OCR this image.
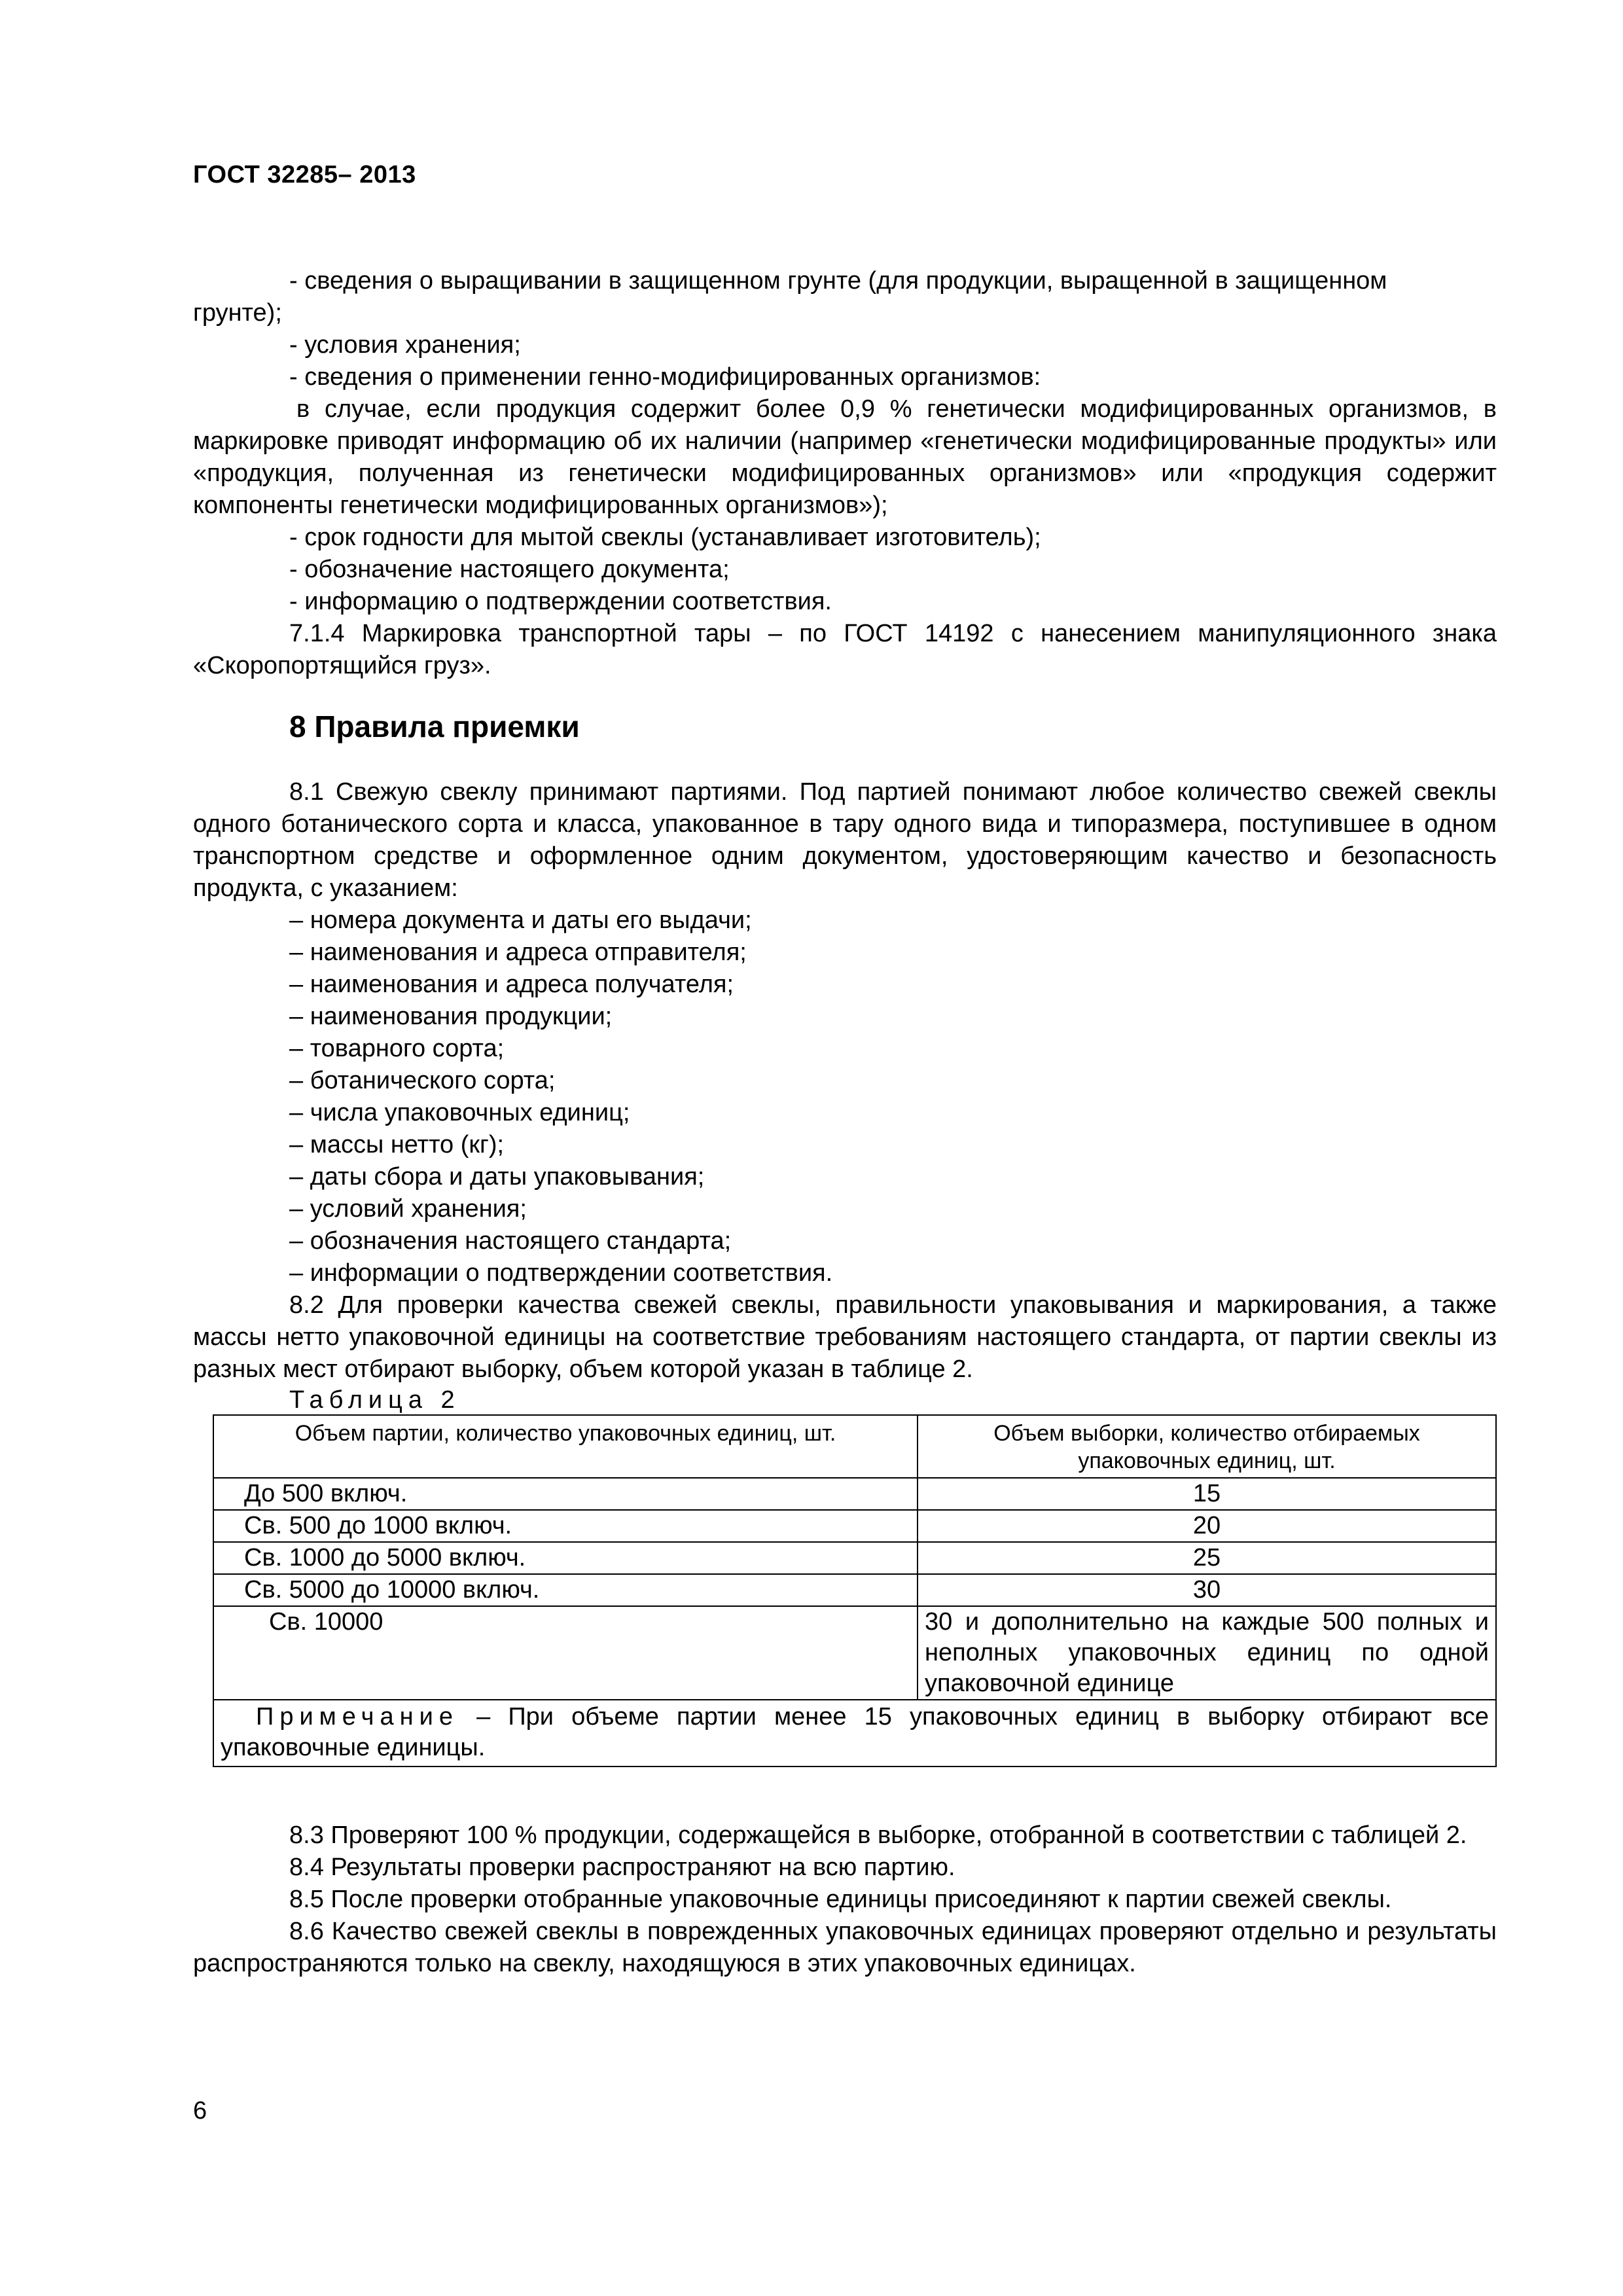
ГОСТ 32285– 2013

- сведения о выращивании в защищенном грунте (для продукции, выращенной в защищенном

грунте);

- условия хранения;

- сведения о применении генно-модифицированных организмов:

в случае, если продукция содержит более 0,9 % генетически модифицированных организмов, в маркировке приводят информацию об их наличии (например «генетически модифицированные продукты» или «продукция, полученная из генетически модифицированных организмов» или «продукция содержит компоненты генетически модифицированных организмов»);

- срок годности для мытой свеклы (устанавливает изготовитель);

- обозначение настоящего документа;

- информацию о подтверждении соответствия.

7.1.4 Маркировка транспортной тары – по ГОСТ 14192 с нанесением манипуляционного знака «Скоропортящийся груз».

8 Правила приемки

8.1 Свежую свеклу принимают партиями. Под партией понимают любое количество свежей свеклы одного ботанического сорта и класса, упакованное в тару одного вида и типоразмера, поступившее в одном транспортном средстве и оформленное одним документом, удостоверяющим качество и безопасность продукта, с указанием:

– номера документа и даты его выдачи;

– наименования и адреса отправителя;

– наименования и адреса получателя;

– наименования продукции;

– товарного сорта;

– ботанического сорта;

– числа упаковочных единиц;

– массы нетто (кг);

– даты сбора и даты упаковывания;

– условий хранения;

– обозначения настоящего стандарта;

– информации о подтверждении соответствия.

8.2 Для проверки качества свежей свеклы, правильности упаковывания и маркирования, а также массы нетто упаковочной единицы на соответствие требованиям настоящего стандарта, от партии свеклы из разных мест отбирают выборку, объем которой указан в таблице 2.

Таблица 2

Объем партии, количество упаковочных единиц, шт.	Объем выборки, количество отбираемых упаковочных единиц, шт.
До 500 включ.	15
Св. 500 до 1000 включ.	20
Св. 1000 до 5000 включ.	25
Св. 5000 до 10000 включ.	30
Св. 10000	30 и дополнительно на каждые 500 полных и неполных упаковочных единиц по одной упаковочной единице
Примечание – При объеме партии менее 15 упаковочных единиц в выборку отбирают все упаковочные единицы.	

8.3 Проверяют 100 % продукции, содержащейся в выборке, отобранной в соответствии с таблицей 2.

8.4 Результаты проверки распространяют на всю партию.

8.5 После проверки отобранные упаковочные единицы присоединяют к партии свежей свеклы.

8.6 Качество свежей свеклы в поврежденных упаковочных единицах проверяют отдельно и результаты распространяются только на свеклу, находящуюся в этих упаковочных единицах.

6
